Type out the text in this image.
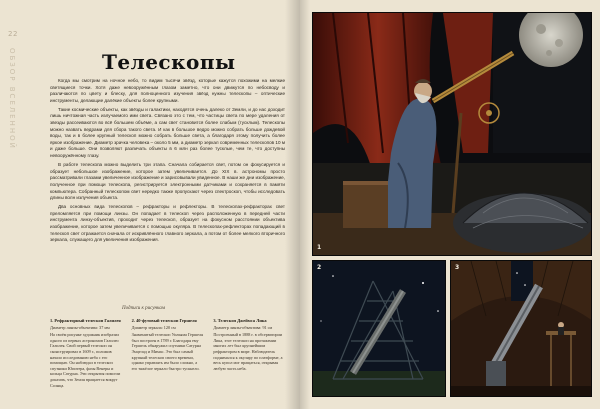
22
ОБЗОР ВСЕЛЕННОЙ	Телескопы

Когда мы смотрим на ночное небо, то видим тысячи звёзд, которые кажутся похожими на мелкие светящиеся точки. Хотя даже невооружённым глазом заметно, что они движутся по небосводу и различаются по цвету и блеску, для полноценного изучения звёзд нужны телескопы – оптические инструменты, делающие далёкие объекты более крупными.

Такие космические объекты, как звёзды и галактики, находятся очень далеко от Земли, и до нас доходит лишь ничтожная часть излучаемого ими света. Связано это с тем, что частицы света по мере удаления от звезды рассеиваются во всё большем объёме, а сам свет становится более слабым (тусклым). Телескопы можно назвать ведрами для сбора такого света. И как в большое ведро можно собрать больше дождевой воды, так и в более крупный телескоп можно собрать больше света, а благодаря этому получить более яркое изображение. Диаметр зрачка человека – около 5 мм, а диаметр зеркал современных телескопов 10 м и даже больше. Они позволяют различать объекты в 6 млн раз более тусклые, чем те, что доступны невооружённому глазу.

В работе телескопа можно выделить три этапа. Сначала собирается свет, потом он фокусируется и образует небольшое изображение, которое затем увеличивается. До XIX в. астрономы просто рассматривали глазами увеличенное изображение и зарисовывали увиденное. В наши же дни изображение, полученное при помощи телескопа, регистрируется электронными датчиками и сохраняется в памяти компьютера. Собранный телескопом свет нередко также пропускают через спектроскоп, чтобы исследовать длины волн излучения объекта.

Два основных вида телескопов – рефракторы и рефлекторы. В телескопах-рефракторах свет преломляется при помощи линзы. Он попадает в телескоп через расположенную в передней части инструмента линзу-объектив, проходит через телескоп, образует на фокусном расстоянии объектива изображение, которое затем увеличивается с помощью окуляра. В телескопах-рефлекторах попадающий в телескоп свет отражается сначала от искривлённого главного зеркала, а потом от более мелкого вторичного зеркала, служащего для увеличения изображения.

Подписи к рисункам
1. Рефракторный телескоп Галилея
Диаметр линзы-объектива: 37 мм
На своём рисунке художник изобразил одного из первых астрономов Галилео Галилея. Свой первый телескоп он сконструировал в 1609 г., положив начало исследованию неба с его помощью. Он наблюдал в телескоп спутники Юпитера, фазы Венеры и кольца Сатурна. Эти открытия помогли доказать, что Земля вращается вокруг Солнца.
2. 40-футовый телескоп Гершеля
Диаметр зеркала: 120 см
Знаменитый телескоп Уильяма Гершеля был построен в 1789 г. Благодаря ему Гершель обнаружил спутники Сатурна Энцелад и Мимас. Это был самый крупный телескоп своего времени, однако управлять им было сложно, а его тяжёлое зеркало быстро тускнело.
3. Телескоп Джеймса Лика
Диаметр линзы-объектива: 91 см
Построенный в 1888 г. в обсерватории Лика, этот телескоп на протяжении многих лет был крупнейшим рефрактором в мире. Наблюдатель поднимался к окуляру по платформе, а весь купол мог вращаться, открывая любую часть неба.
1
2	3
